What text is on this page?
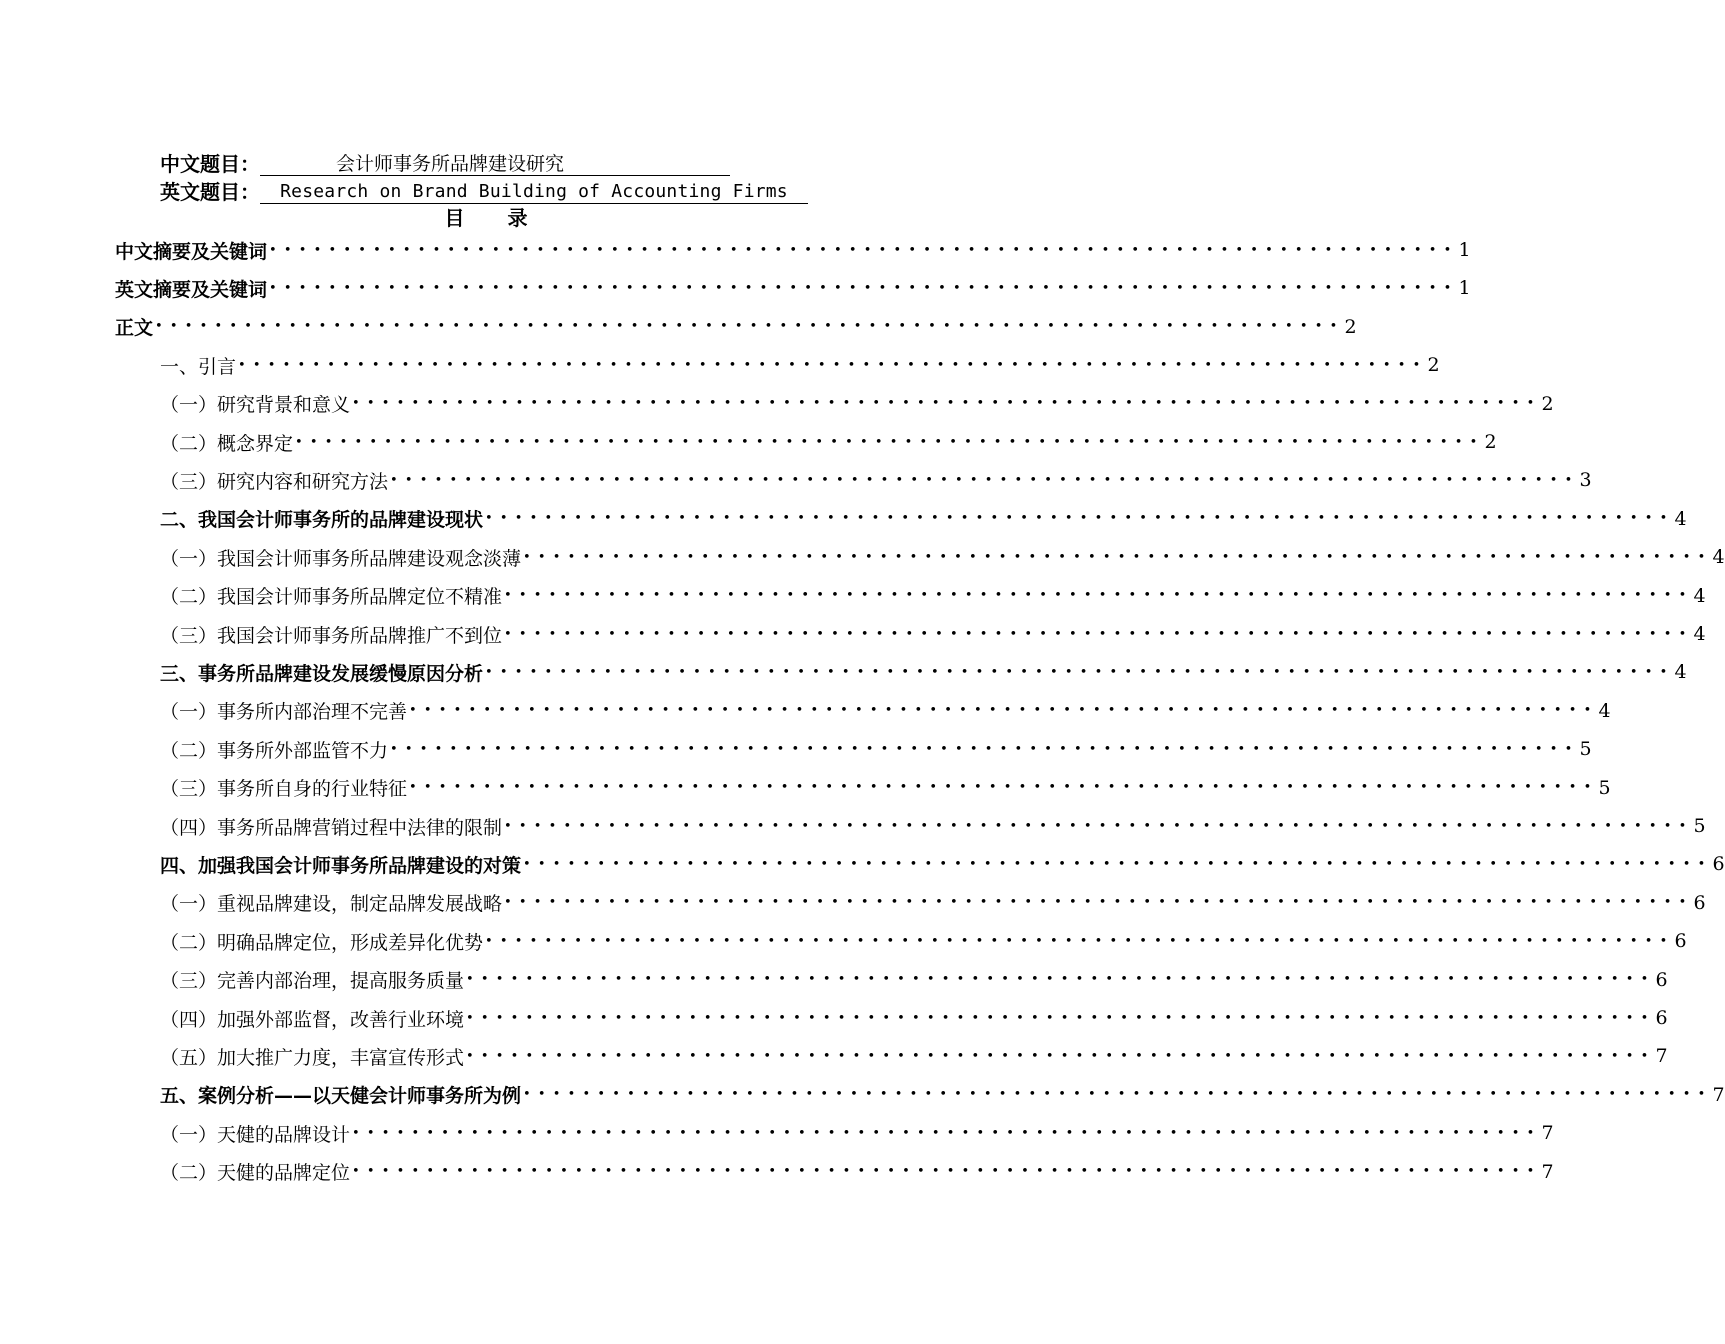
中文题目：	会计师事务所品牌建设研究
英文题目：	Research on Brand Building of Accounting Firms
目 录
中文摘要及关键词 •••••••••••••••••••••••••••••••••••••••••••••••••••••••••••••••••••••••••••••••• 1
英文摘要及关键词 •••••••••••••••••••••••••••••••••••••••••••••••••••••••••••••••••••••••••••••••• 1
正文 •••••••••••••••••••••••••••••••••••••••••••••••••••••••••••••••••••••••••••••••• 2
一、引言 •••••••••••••••••••••••••••••••••••••••••••••••••••••••••••••••••••••••••••••••• 2
（一）研究背景和意义 •••••••••••••••••••••••••••••••••••••••••••••••••••••••••••••••••••••••••••••••• 2
（二）概念界定 •••••••••••••••••••••••••••••••••••••••••••••••••••••••••••••••••••••••••••••••• 2
（三）研究内容和研究方法 •••••••••••••••••••••••••••••••••••••••••••••••••••••••••••••••••••••••••••••••• 3
二、我国会计师事务所的品牌建设现状 •••••••••••••••••••••••••••••••••••••••••••••••••••••••••••••••••••••••••••••••• 4
（一）我国会计师事务所品牌建设观念淡薄 •••••••••••••••••••••••••••••••••••••••••••••••••••••••••••••••••••••••••••••••• 4
（二）我国会计师事务所品牌定位不精准 •••••••••••••••••••••••••••••••••••••••••••••••••••••••••••••••••••••••••••••••• 4
（三）我国会计师事务所品牌推广不到位 •••••••••••••••••••••••••••••••••••••••••••••••••••••••••••••••••••••••••••••••• 4
三、事务所品牌建设发展缓慢原因分析 •••••••••••••••••••••••••••••••••••••••••••••••••••••••••••••••••••••••••••••••• 4
（一）事务所内部治理不完善 •••••••••••••••••••••••••••••••••••••••••••••••••••••••••••••••••••••••••••••••• 4
（二）事务所外部监管不力 •••••••••••••••••••••••••••••••••••••••••••••••••••••••••••••••••••••••••••••••• 5
（三）事务所自身的行业特征 •••••••••••••••••••••••••••••••••••••••••••••••••••••••••••••••••••••••••••••••• 5
（四）事务所品牌营销过程中法律的限制 •••••••••••••••••••••••••••••••••••••••••••••••••••••••••••••••••••••••••••••••• 5
四、加强我国会计师事务所品牌建设的对策 •••••••••••••••••••••••••••••••••••••••••••••••••••••••••••••••••••••••••••••••• 6
（一）重视品牌建设，制定品牌发展战略 •••••••••••••••••••••••••••••••••••••••••••••••••••••••••••••••••••••••••••••••• 6
（二）明确品牌定位，形成差异化优势 •••••••••••••••••••••••••••••••••••••••••••••••••••••••••••••••••••••••••••••••• 6
（三）完善内部治理，提高服务质量 •••••••••••••••••••••••••••••••••••••••••••••••••••••••••••••••••••••••••••••••• 6
（四）加强外部监督，改善行业环境 •••••••••••••••••••••••••••••••••••••••••••••••••••••••••••••••••••••••••••••••• 6
（五）加大推广力度，丰富宣传形式 •••••••••••••••••••••••••••••••••••••••••••••••••••••••••••••••••••••••••••••••• 7
五、案例分析——以天健会计师事务所为例 •••••••••••••••••••••••••••••••••••••••••••••••••••••••••••••••••••••••••••••••• 7
（一）天健的品牌设计 •••••••••••••••••••••••••••••••••••••••••••••••••••••••••••••••••••••••••••••••• 7
（二）天健的品牌定位 •••••••••••••••••••••••••••••••••••••••••••••••••••••••••••••••••••••••••••••••• 7
